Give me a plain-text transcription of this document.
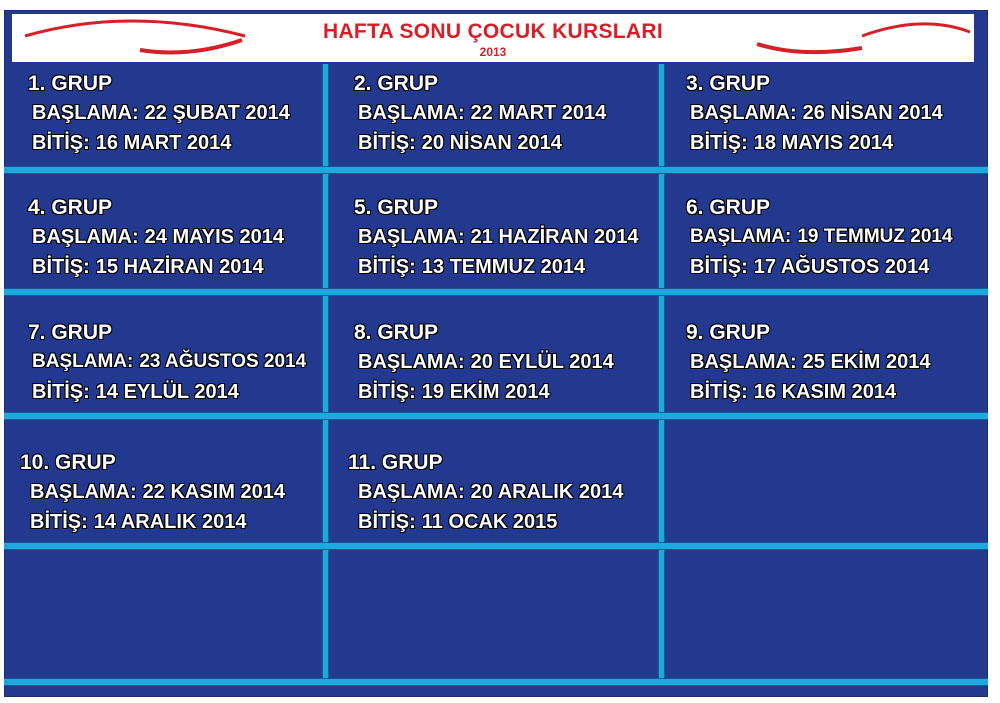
HAFTA SONU ÇOCUK KURSLARI
2013
1. GRUP
BAŞLAMA: 22 ŞUBAT 2014
BİTİŞ: 16 MART 2014
2. GRUP
BAŞLAMA: 22 MART 2014
BİTİŞ: 20 NİSAN 2014
3. GRUP
BAŞLAMA: 26 NİSAN 2014
BİTİŞ: 18 MAYIS 2014
4. GRUP
BAŞLAMA: 24 MAYIS 2014
BİTİŞ: 15 HAZİRAN 2014
5. GRUP
BAŞLAMA: 21 HAZİRAN 2014
BİTİŞ: 13 TEMMUZ 2014
6. GRUP
BAŞLAMA: 19 TEMMUZ 2014
BİTİŞ: 17 AĞUSTOS 2014
7. GRUP
BAŞLAMA: 23 AĞUSTOS 2014
BİTİŞ: 14 EYLÜL 2014
8. GRUP
BAŞLAMA: 20 EYLÜL 2014
BİTİŞ: 19 EKİM 2014
9. GRUP
BAŞLAMA: 25 EKİM 2014
BİTİŞ: 16 KASIM 2014
10. GRUP
BAŞLAMA: 22 KASIM 2014
BİTİŞ: 14 ARALIK 2014
11. GRUP
BAŞLAMA: 20 ARALIK 2014
BİTİŞ: 11 OCAK 2015
